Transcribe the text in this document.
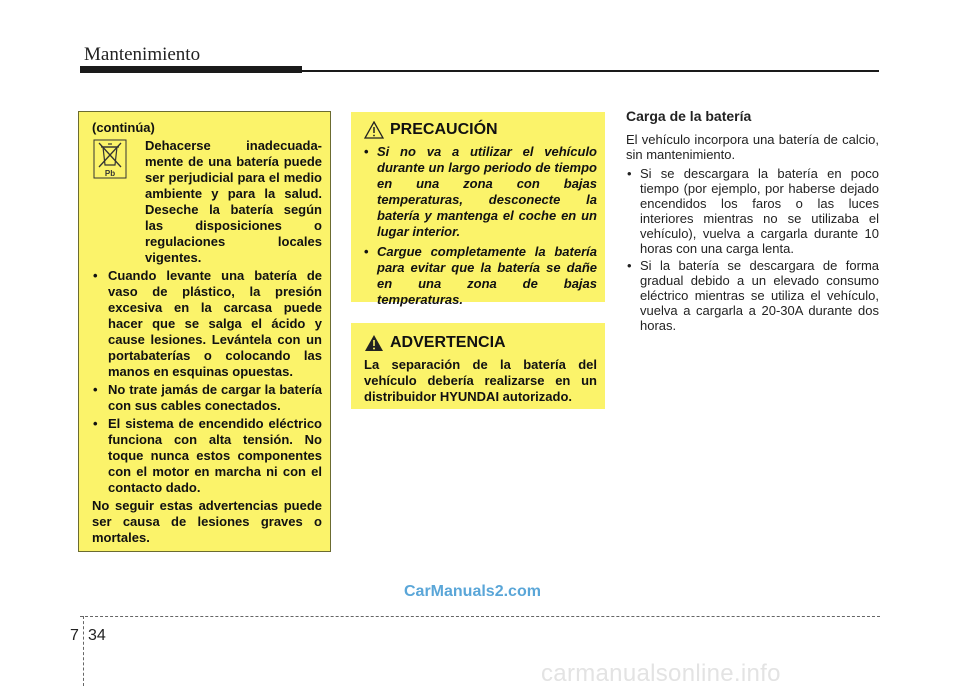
Mantenimiento
(continúa)
Pb
Dehacerse inadecuada-mente de una batería puede ser perjudicial para el medio ambiente y para la salud. Deseche la batería según las disposiciones o regulaciones locales vigentes.
• Cuando levante una batería de vaso de plástico, la presión excesiva en la carcasa puede hacer que se salga el ácido y cause lesiones. Levántela con un portabaterías o colocando las manos en esquinas opuestas.
• No trate jamás de cargar la batería con sus cables conectados.
• El sistema de encendido eléctrico funciona con alta tensión. No toque nunca estos componentes con el motor en marcha ni con el contacto dado.
No seguir estas advertencias puede ser causa de lesiones graves o mortales.
PRECAUCIÓN
• Si no va a utilizar el vehículo durante un largo periodo de tiempo en una zona con bajas temperaturas, desconecte la batería y mantenga el coche en un lugar interior.
• Cargue completamente la batería para evitar que la batería se dañe en una zona de bajas temperaturas.
ADVERTENCIA
La separación de la batería del vehículo debería realizarse en un distribuidor HYUNDAI autorizado.
Carga de la batería

El vehículo incorpora una batería de calcio, sin mantenimiento.

• Si se descargara la batería en poco tiempo (por ejemplo, por haberse dejado encendidos los faros o las luces interiores mientras no se utilizaba el vehículo), vuelva a cargarla durante 10 horas con una carga lenta.
• Si la batería se descargara de forma gradual debido a un elevado consumo eléctrico mientras se utiliza el vehículo, vuelva a cargarla a 20-30A durante dos horas.
CarManuals2.com
7 34
carmanualsonline.info
